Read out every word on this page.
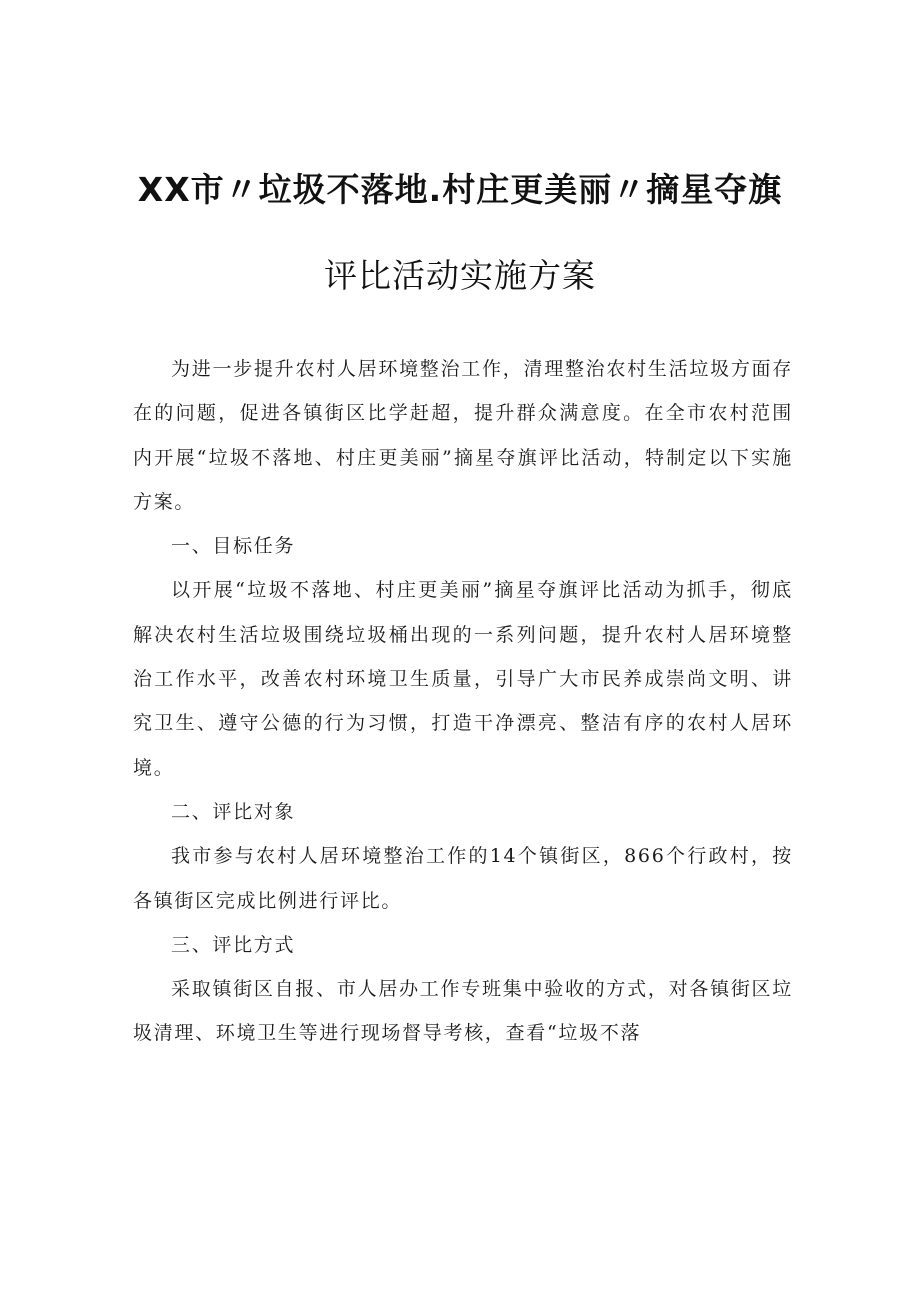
XX市〃垃圾不落地.村庄更美丽〃摘星夺旗
评比活动实施方案

为进一步提升农村人居环境整治工作，清理整治农村生活垃圾方面存在的问题，促进各镇街区比学赶超，提升群众满意度。在全市农村范围内开展“垃圾不落地、村庄更美丽”摘星夺旗评比活动，特制定以下实施方案。

一、目标任务

以开展“垃圾不落地、村庄更美丽”摘星夺旗评比活动为抓手，彻底解决农村生活垃圾围绕垃圾桶出现的一系列问题，提升农村人居环境整治工作水平，改善农村环境卫生质量，引导广大市民养成崇尚文明、讲究卫生、遵守公德的行为习惯，打造干净漂亮、整洁有序的农村人居环境。

二、评比对象

我市参与农村人居环境整治工作的14个镇街区，866个行政村，按各镇街区完成比例进行评比。

三、评比方式

采取镇街区自报、市人居办工作专班集中验收的方式，对各镇街区垃圾清理、环境卫生等进行现场督导考核，查看“垃圾不落
